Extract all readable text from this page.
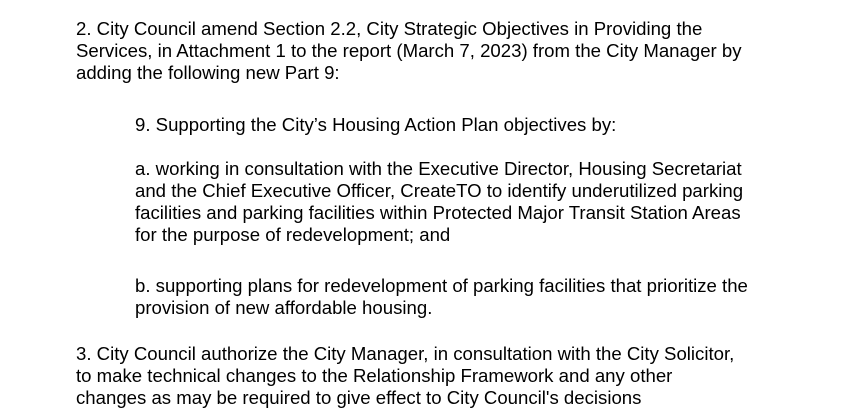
2. City Council amend Section 2.2, City Strategic Objectives in Providing the
Services, in Attachment 1 to the report (March 7, 2023) from the City Manager by
adding the following new Part 9:

9. Supporting the City’s Housing Action Plan objectives by:

a. working in consultation with the Executive Director, Housing Secretariat
and the Chief Executive Officer, CreateTO to identify underutilized parking
facilities and parking facilities within Protected Major Transit Station Areas
for the purpose of redevelopment; and

b. supporting plans for redevelopment of parking facilities that prioritize the
provision of new affordable housing.

3. City Council authorize the City Manager, in consultation with the City Solicitor,
to make technical changes to the Relationship Framework and any other
changes as may be required to give effect to City Council's decisions
